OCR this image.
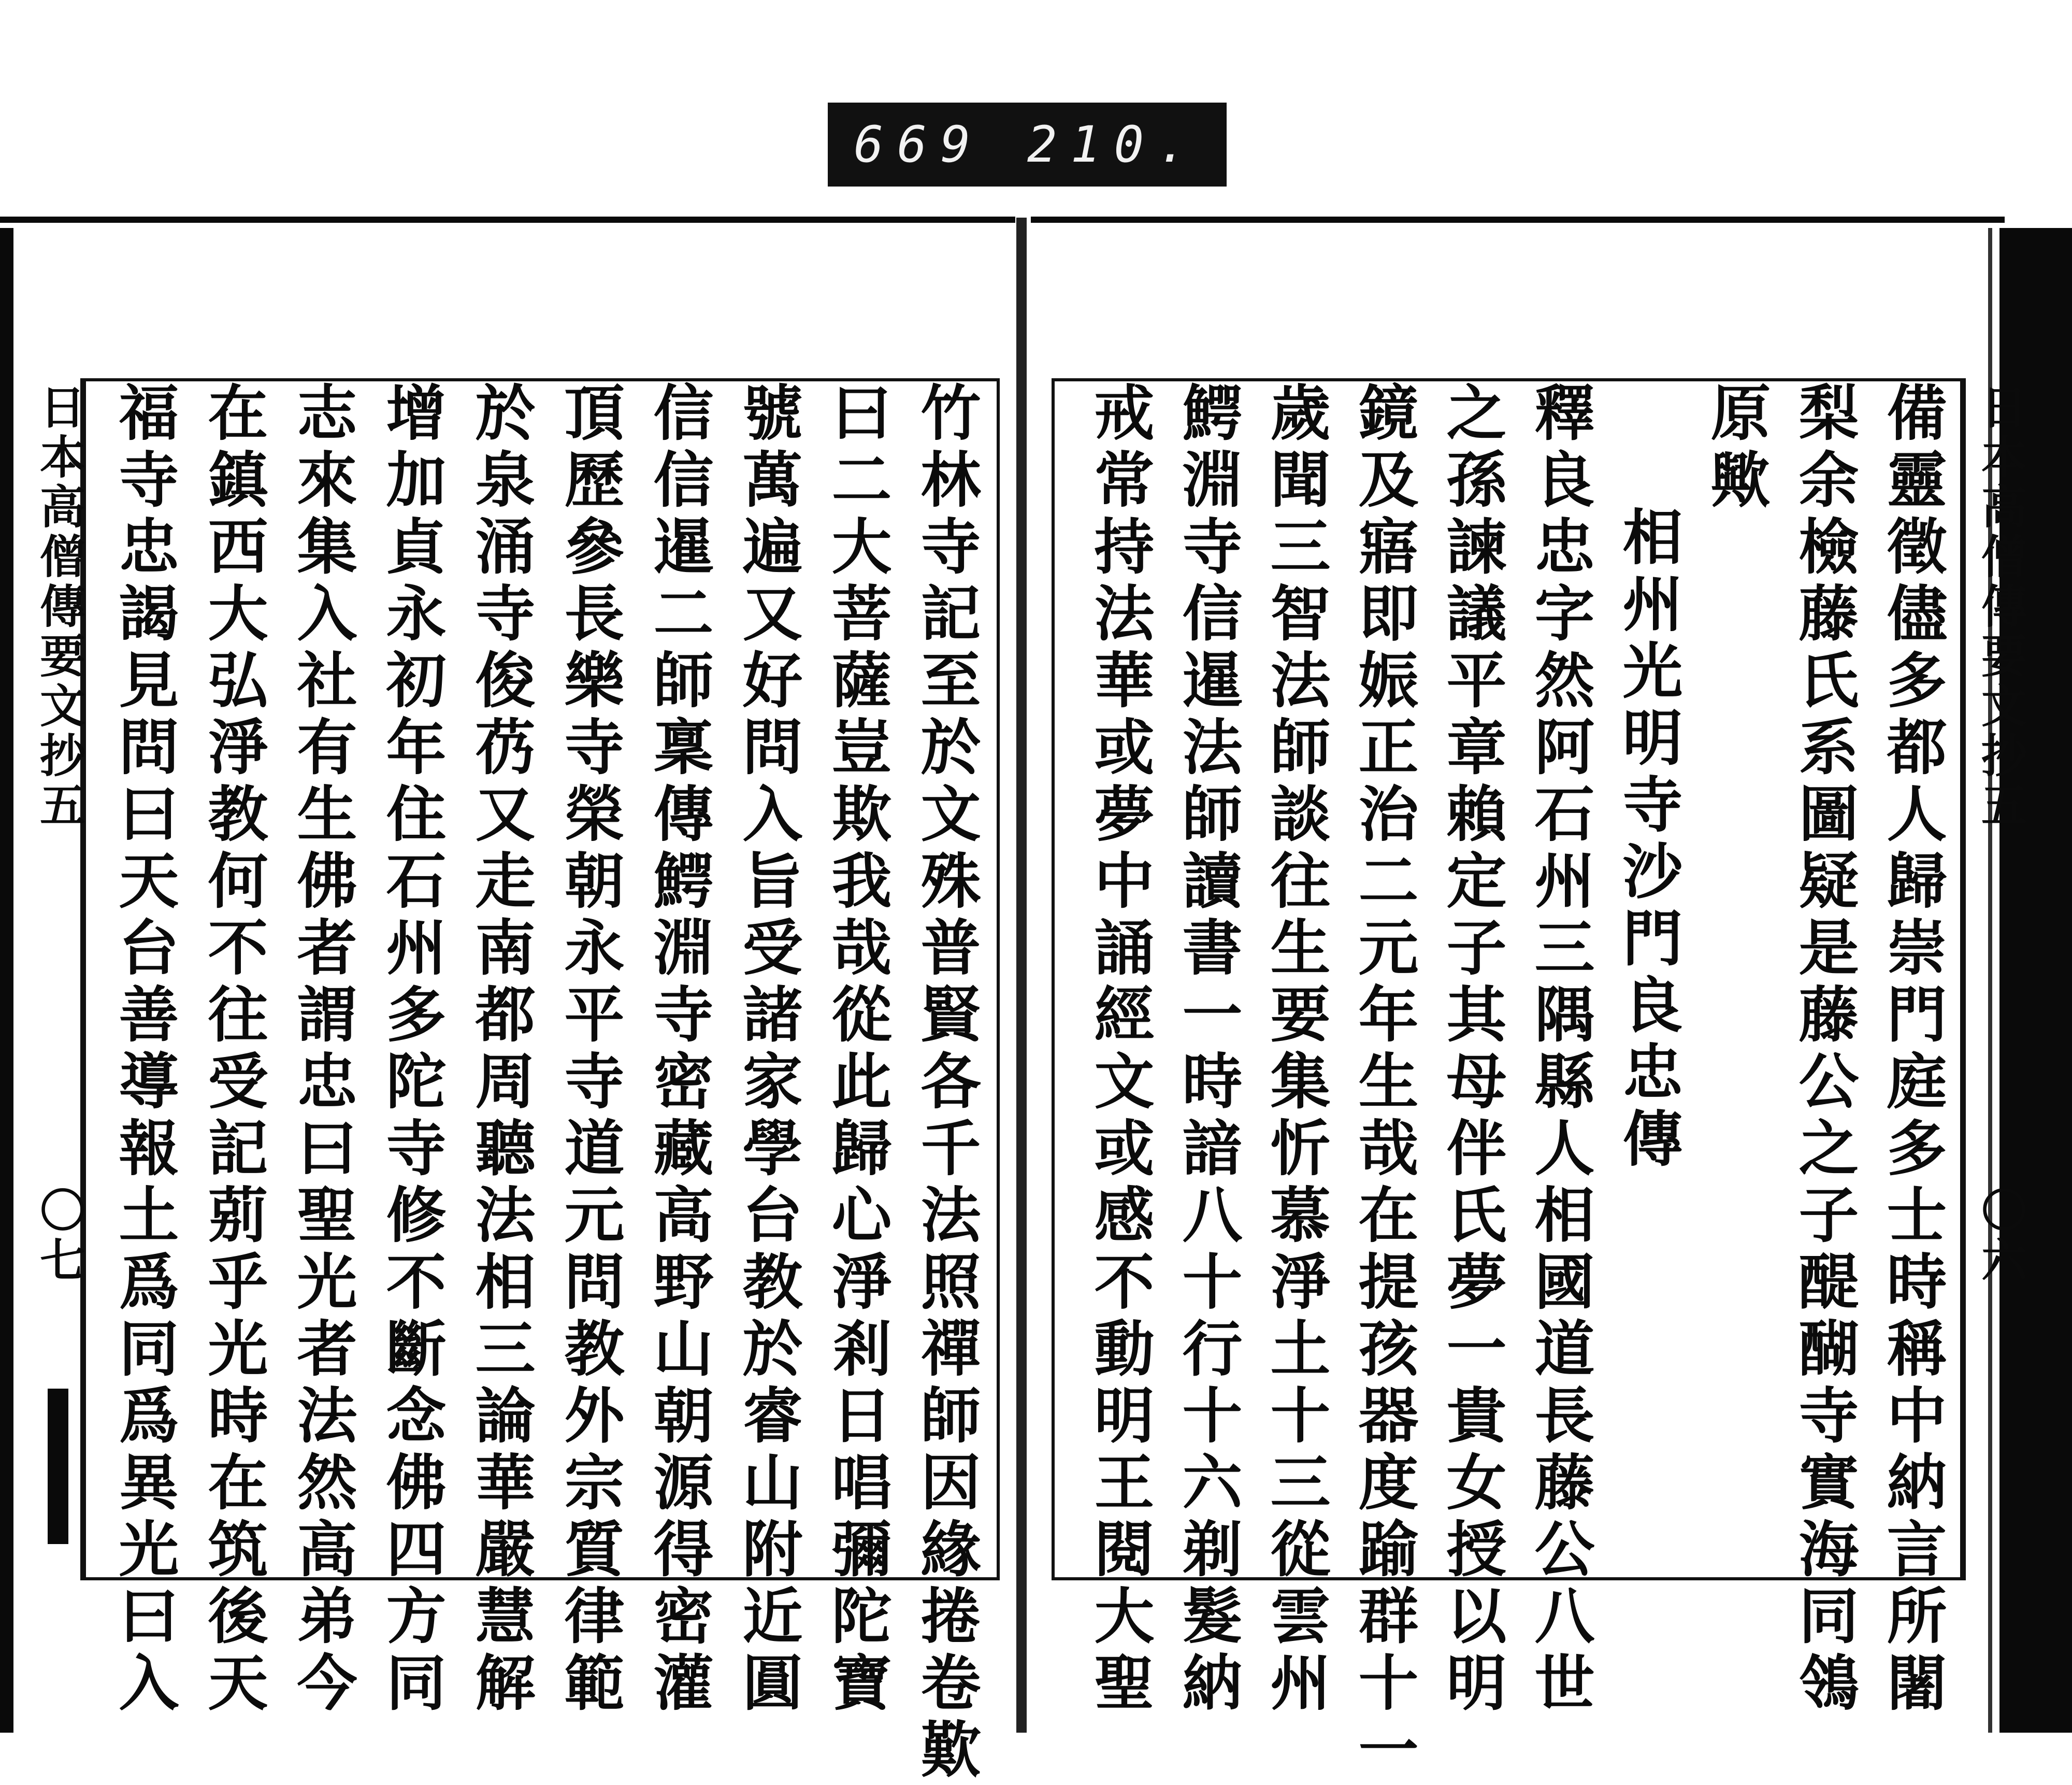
669 210.
備靈徵儘多都人歸崇門庭多士時稱中納言所闍
梨余檢藤氏系圖疑是藤公之子醍醐寺實海同鴒
原歟
相州光明寺沙門良忠傳
釋良忠字然阿石州三隅縣人相國道長藤公八世
之孫諫議平章賴定子其母伴氏夢一貴女授以明
鏡及寤即娠正治二元年生哉在提孩器度踰群十一
歲聞三智法師談往生要集忻慕淨土十三從雲州
鰐淵寺信暹法師讀書一時諳八十行十六剃髮納
戒常持法華或夢中誦經文或感不動明王閱大聖	日本高僧傳要文抄五
〇六
竹林寺記至於文殊普賢各千法照禪師因緣捲卷歎
曰二大菩薩豈欺我哉從此歸心淨剎日唱彌陀寶
號萬遍又好問入旨受諸家學台教於睿山附近圓
信信暹二師稟傳鰐淵寺密藏高野山朝源得密灌
頂歷參長樂寺榮朝永平寺道元問教外宗質律範
於泉涌寺俊芿又走南都周聽法相三論華嚴慧解
增加貞永初年住石州多陀寺修不斷念佛四方同
志來集入社有生佛者謂忠曰聖光者法然高弟今
在鎮西大弘淨教何不往受記莂乎光時在筑後天
福寺忠謁見問曰天台善導報土爲同爲異光曰入
日本高僧傳要文抄五
〇七
